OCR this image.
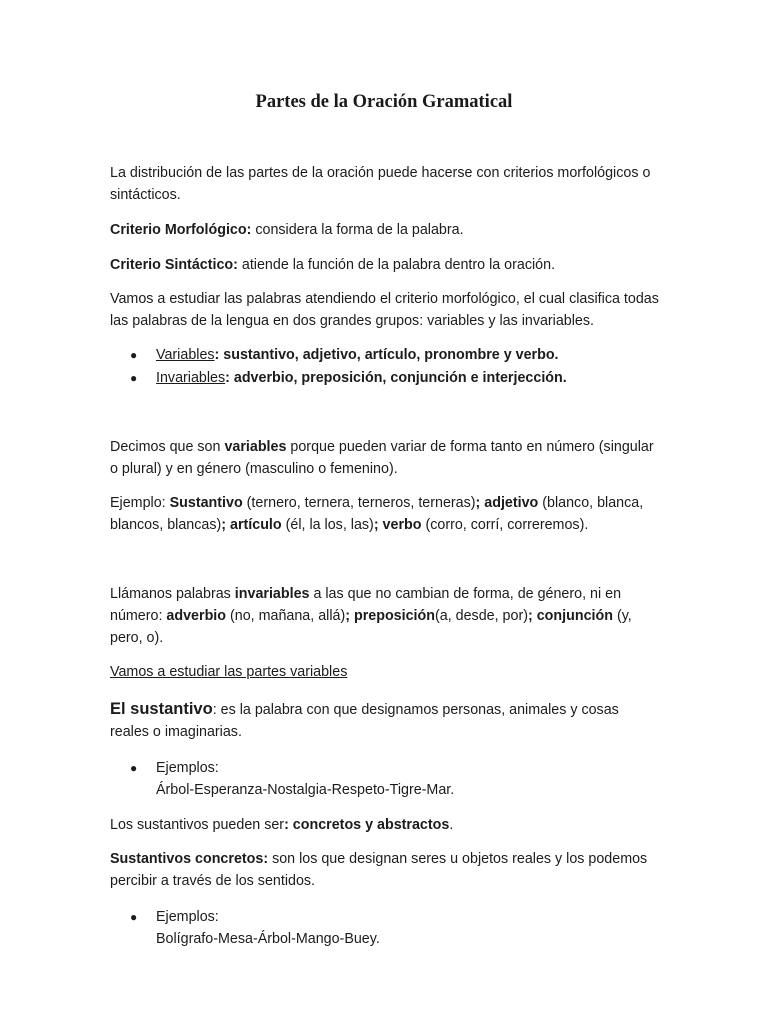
Partes de la Oración Gramatical

La distribución de las partes de la oración puede hacerse con criterios morfológicos o sintácticos.

Criterio Morfológico: considera la forma de la palabra.

Criterio Sintáctico: atiende la función de la palabra dentro la oración.

Vamos a estudiar las palabras atendiendo el criterio morfológico, el cual clasifica todas las palabras de la lengua en dos grandes grupos: variables y las invariables.

●	Variables: sustantivo, adjetivo, artículo, pronombre y verbo.
●	Invariables: adverbio, preposición, conjunción e interjección.

Decimos que son variables porque pueden variar de forma tanto en número (singular o plural) y en género (masculino o femenino).

Ejemplo: Sustantivo (ternero, ternera, terneros, terneras); adjetivo (blanco, blanca, blancos, blancas); artículo (él, la los, las); verbo (corro, corrí, correremos).

Llámanos palabras invariables a las que no cambian de forma, de género, ni en número: adverbio (no, mañana, allá); preposición(a, desde, por); conjunción (y, pero, o).

Vamos a estudiar las partes variables

El sustantivo: es la palabra con que designamos personas, animales y cosas reales o imaginarias.

●	Ejemplos:
Árbol-Esperanza-Nostalgia-Respeto-Tigre-Mar.

Los sustantivos pueden ser: concretos y abstractos.

Sustantivos concretos: son los que designan seres u objetos reales y los podemos percibir a través de los sentidos.

●	Ejemplos:
Bolígrafo-Mesa-Árbol-Mango-Buey.
